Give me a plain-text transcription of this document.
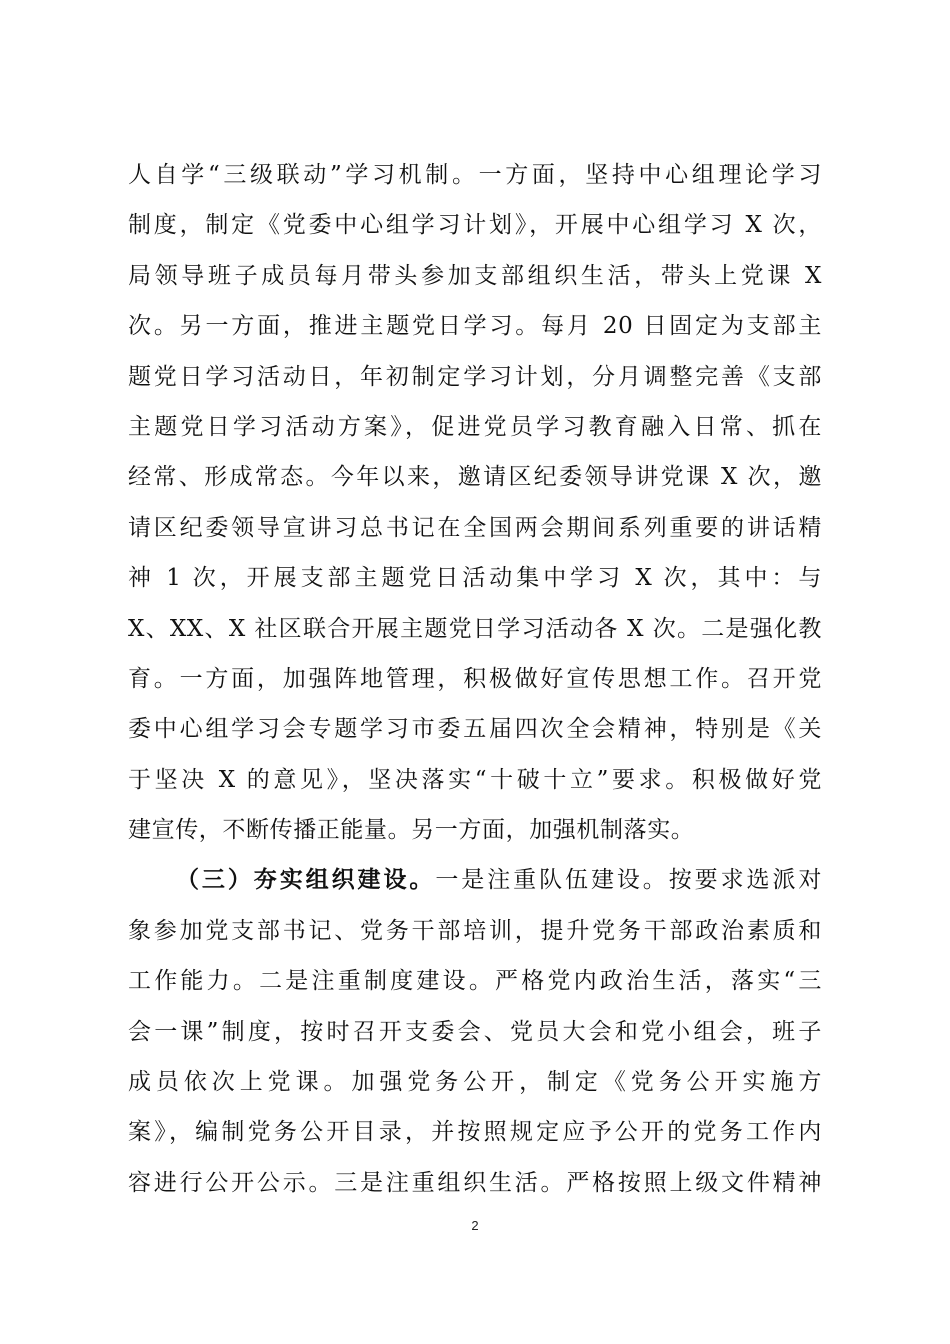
人自学“三级联动”学习机制。一方面，坚持中心组理论学习
制度，制定《党委中心组学习计划》，开展中心组学习 X 次，
局领导班子成员每月带头参加支部组织生活，带头上党课 X
次。另一方面，推进主题党日学习。每月 20 日固定为支部主
题党日学习活动日，年初制定学习计划，分月调整完善《支部
主题党日学习活动方案》，促进党员学习教育融入日常、抓在
经常、形成常态。今年以来，邀请区纪委领导讲党课 X 次，邀
请区纪委领导宣讲习总书记在全国两会期间系列重要的讲话精
神 1 次，开展支部主题党日活动集中学习 X 次，其中：与
X、XX、X 社区联合开展主题党日学习活动各 X 次。二是强化教
育。一方面，加强阵地管理，积极做好宣传思想工作。召开党
委中心组学习会专题学习市委五届四次全会精神，特别是《关
于坚决 X 的意见》，坚决落实“十破十立”要求。积极做好党
建宣传，不断传播正能量。另一方面，加强机制落实。
（三）夯实组织建设。一是注重队伍建设。按要求选派对
象参加党支部书记、党务干部培训，提升党务干部政治素质和
工作能力。二是注重制度建设。严格党内政治生活，落实“三
会一课”制度，按时召开支委会、党员大会和党小组会，班子
成员依次上党课。加强党务公开，制定《党务公开实施方
案》，编制党务公开目录，并按照规定应予公开的党务工作内
容进行公开公示。三是注重组织生活。严格按照上级文件精神
2
